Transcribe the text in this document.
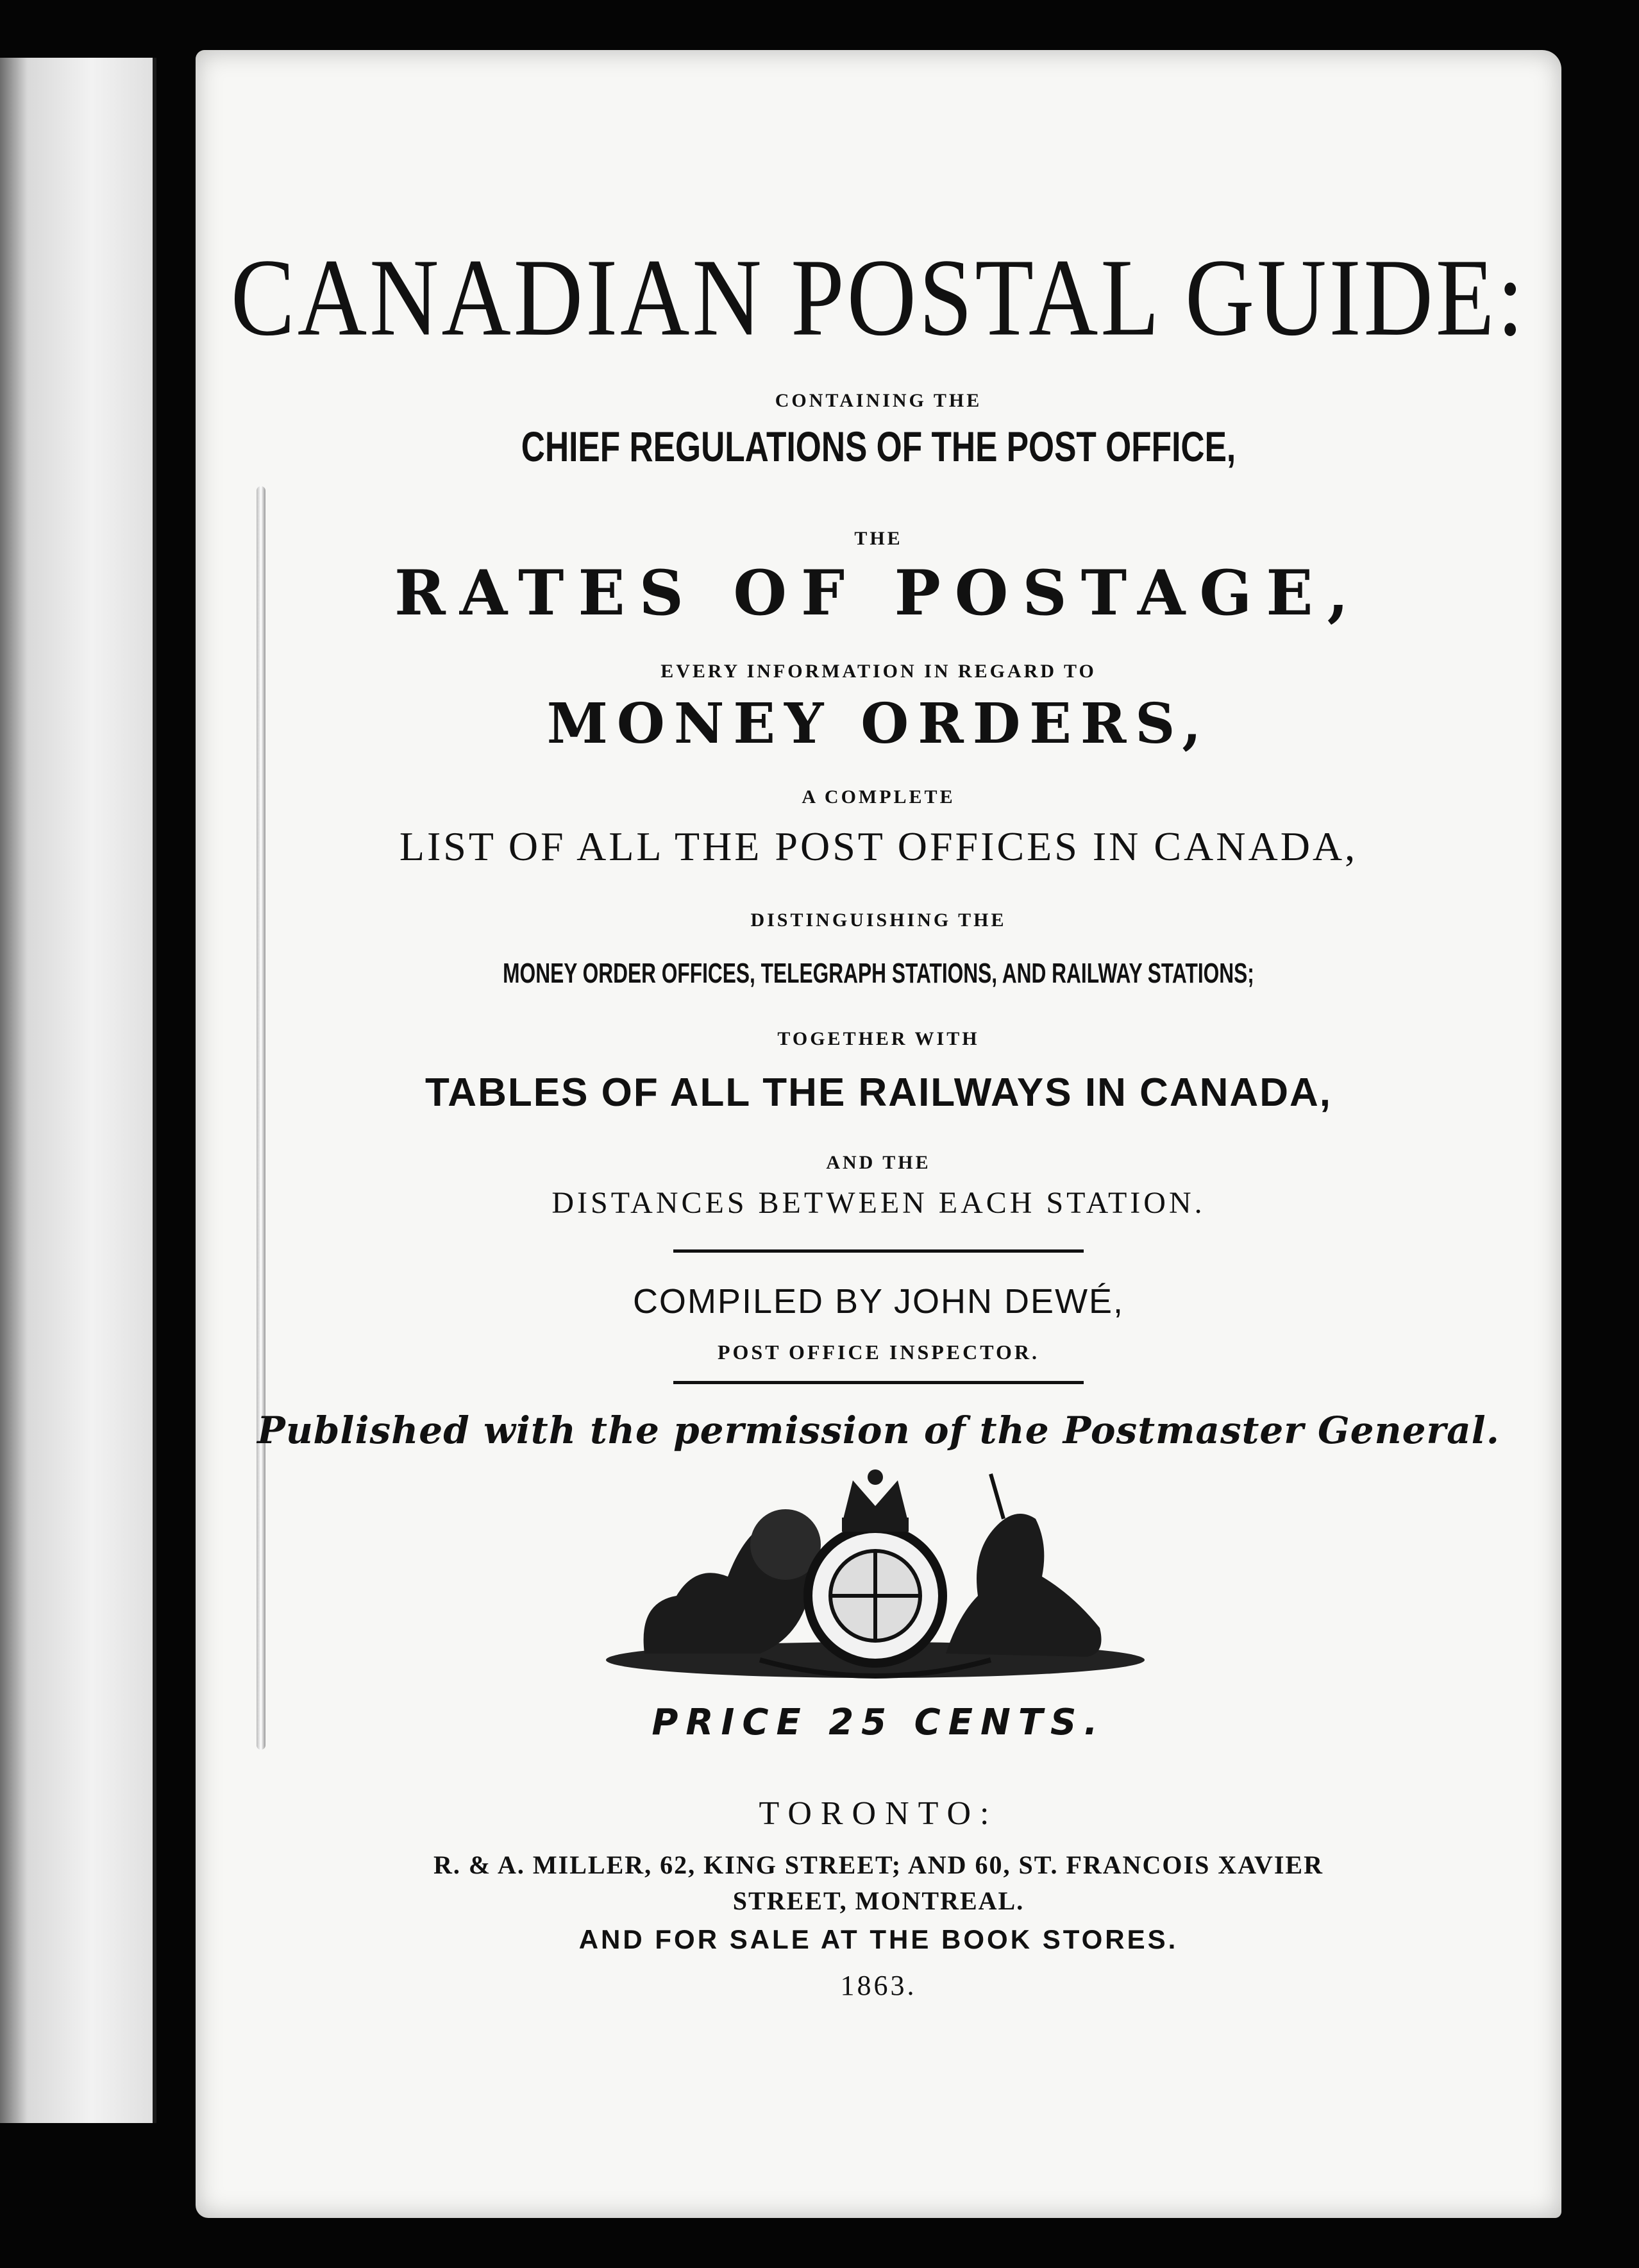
CANADIAN POSTAL GUIDE:
CONTAINING THE
CHIEF REGULATIONS OF THE POST OFFICE,
THE
RATES OF POSTAGE,
EVERY INFORMATION IN REGARD TO
MONEY ORDERS,
A COMPLETE
LIST OF ALL THE POST OFFICES IN CANADA,
DISTINGUISHING THE
MONEY ORDER OFFICES, TELEGRAPH STATIONS, AND RAILWAY STATIONS;
TOGETHER WITH
TABLES OF ALL THE RAILWAYS IN CANADA,
AND THE
DISTANCES BETWEEN EACH STATION.
COMPILED BY JOHN DEWÉ,
POST OFFICE INSPECTOR.
Published with the permission of the Postmaster General.
PRICE 25 CENTS.
TORONTO:
R. & A. MILLER, 62, KING STREET; AND 60, ST. FRANCOIS XAVIER
STREET, MONTREAL.
AND FOR SALE AT THE BOOK STORES.
1863.
